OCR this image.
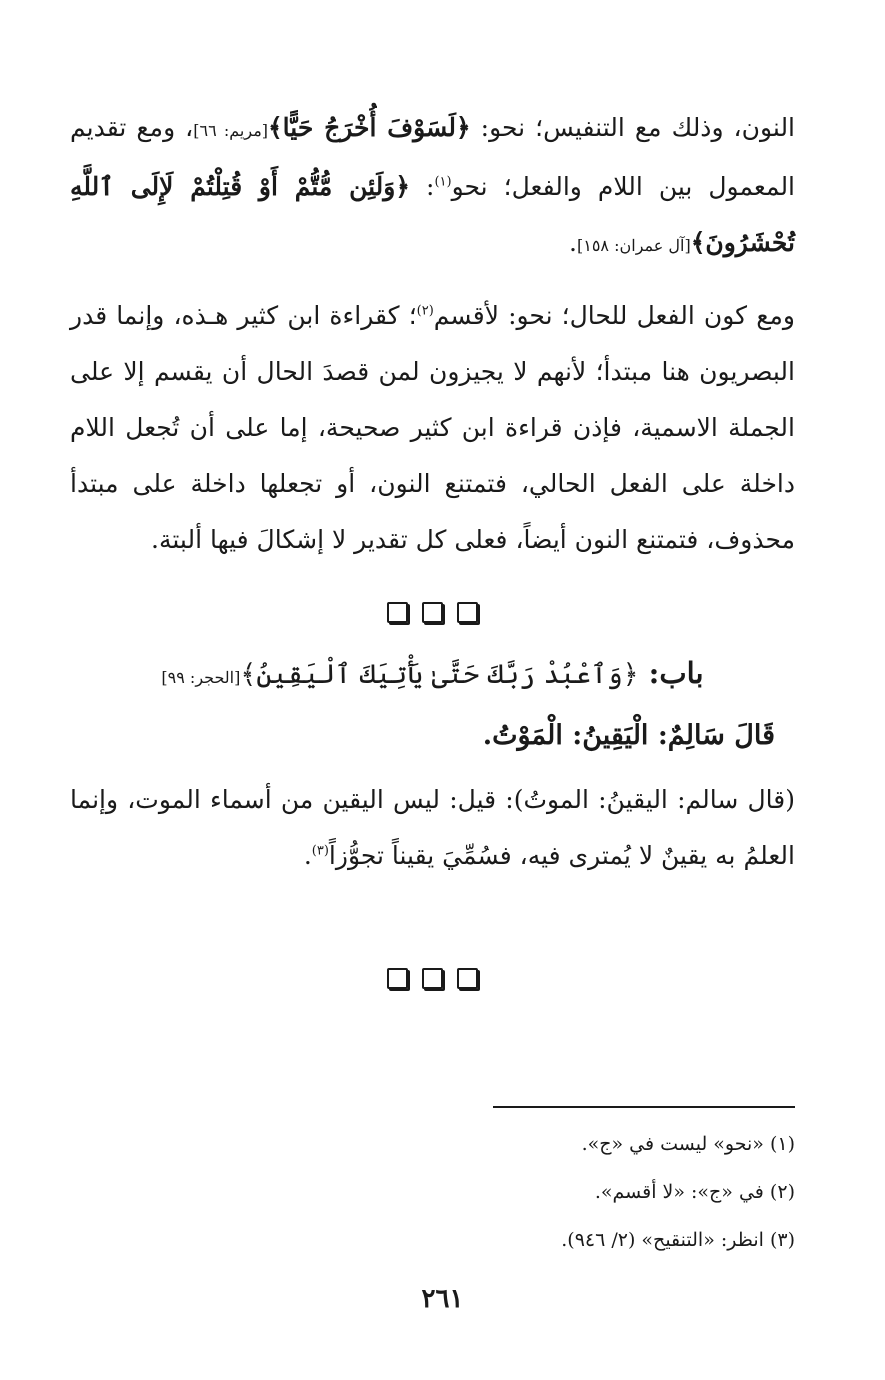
النون، وذلك مع التنفيس؛ نحو: ﴿لَسَوْفَ أُخْرَجُ حَيًّا﴾[مريم: ٦٦]، ومع تقديم المعمول بين اللام والفعل؛ نحو$^{(١)}$: ﴿وَلَئِن مُّتُّمْ أَوْ قُتِلْتُمْ لَإِلَى ٱللَّهِ تُحْشَرُونَ﴾[آل عمران: ١٥٨].

ومع كون الفعل للحال؛ نحو: لأقسم$^{(٢)}$؛ كقراءة ابن كثير هـذه، وإنما قدر البصريون هنا مبتدأ؛ لأنهم لا يجيزون لمن قصدَ الحال أن يقسم إلا على الجملة الاسمية، فإذن قراءة ابن كثير صحيحة، إما على أن تُجعل اللام داخلة على الفعل الحالي، فتمتنع النون، أو تجعلها داخلة على مبتدأ محذوف، فتمتنع النون أيضاً، فعلى كل تقدير لا إشكالَ فيها ألبتة.

باب: ﴿وَٱعْبُدْ رَبَّكَ حَتَّىٰ يَأْتِيَكَ ٱلْيَقِينُ﴾[الحجر: ٩٩]

قَالَ سَالِمٌ: الْيَقِينُ: الْمَوْتُ.

(قال سالم: اليقينُ: الموتُ): قيل: ليس اليقين من أسماء الموت، وإنما العلمُ به يقينٌ لا يُمترى فيه، فسُمِّيَ يقيناً تجوُّزاً$^{(٣)}$.

(١) «نحو» ليست في «ج».
(٢) في «ج»: «لا أقسم».
(٣) انظر: «التنقيح» (٢/ ٩٤٦).
٢٦١
